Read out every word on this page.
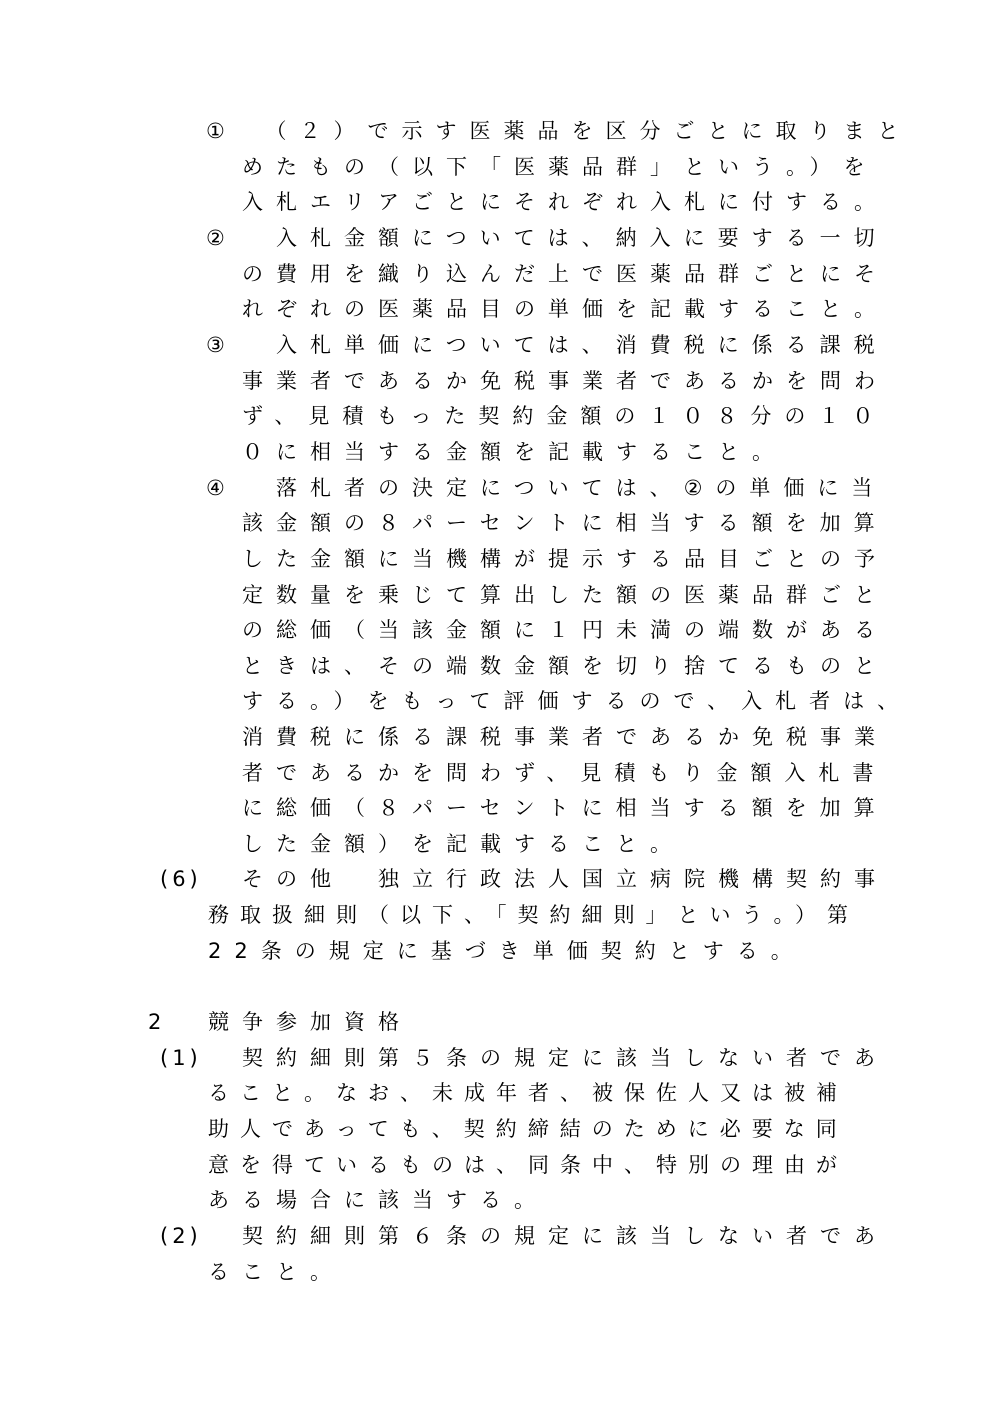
① 　（２）で示す医薬品を区分ごとに取りまと
めたもの（以下「医薬品群」という。）を
入札エリアごとにそれぞれ入札に付する。
② 　入札金額については、納入に要する一切
の費用を織り込んだ上で医薬品群ごとにそ
れぞれの医薬品目の単価を記載すること。
③ 　入札単価については、消費税に係る課税
事業者であるか免税事業者であるかを問わ
ず、見積もった契約金額の１０８分の１０
０に相当する金額を記載すること。
④ 　落札者の決定については、②の単価に当
該金額の８パーセントに相当する額を加算
した金額に当機構が提示する品目ごとの予
定数量を乗じて算出した額の医薬品群ごと
の総価（当該金額に１円未満の端数がある
ときは、その端数金額を切り捨てるものと
する。）をもって評価するので、入札者は、
消費税に係る課税事業者であるか免税事業
者であるかを問わず、見積もり金額入札書
に総価（８パーセントに相当する額を加算
した金額）を記載すること。
(6) その他　独立行政法人国立病院機構契約事
務取扱細則（以下、「契約細則」という。）第
22条の規定に基づき単価契約とする。
2 競争参加資格
(1) 契約細則第５条の規定に該当しない者であ
ること。なお、未成年者、被保佐人又は被補
助人であっても、契約締結のために必要な同
意を得ているものは、同条中、特別の理由が
ある場合に該当する。
(2) 契約細則第６条の規定に該当しない者であ
ること。
